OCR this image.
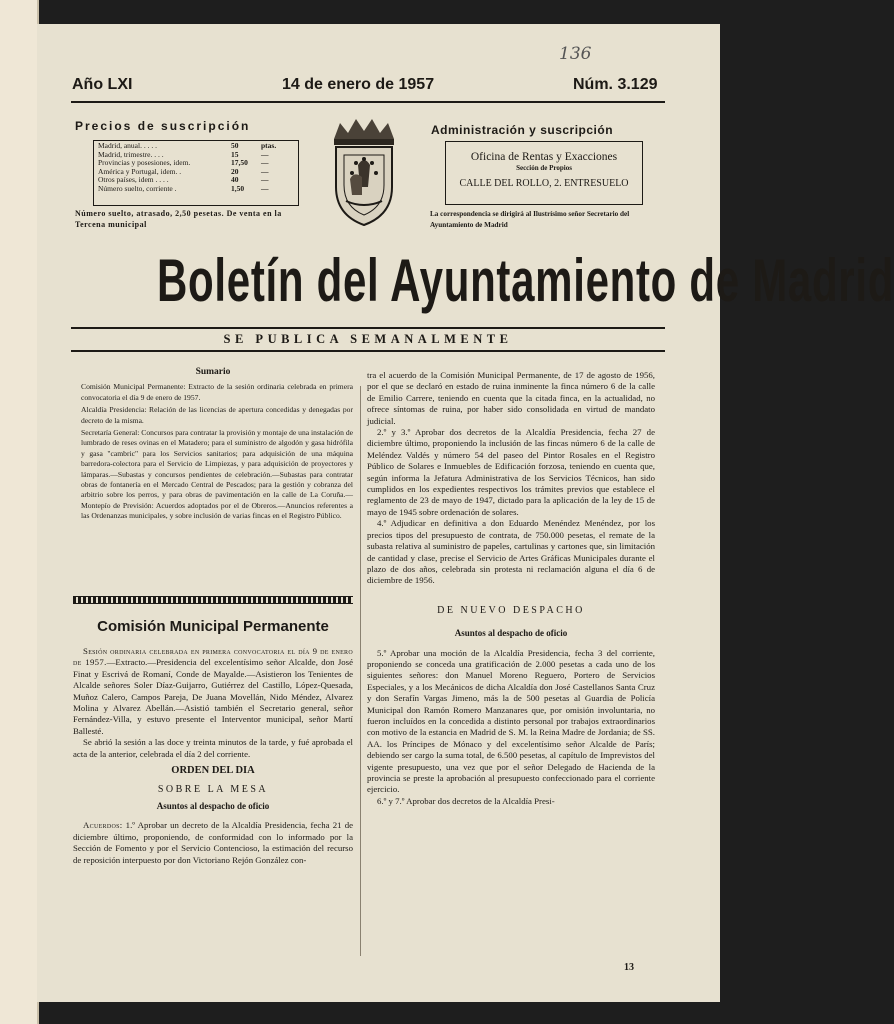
136
Año LXI	14 de enero de 1957	Núm. 3.129
Precios de suscripción
Madrid, anual. . . . .	50	ptas.
Madrid, trimestre. . . .	15	—
Provincias y posesiones, idem.	17,50 —
América y Portugal, idem. .	20	—
Otros países, idem . . . .	40	—
Número suelto, corriente .	1,50 —
Número suelto, atrasado, 2,50 pesetas. De venta en la Tercena municipal
Administración y suscripción
Oficina de Rentas y Exacciones
Sección de Propios
CALLE DEL ROLLO, 2. ENTRESUELO
La correspondencia se dirigirá al Ilustrísimo señor Secretario del Ayuntamiento de Madrid
Boletín del Ayuntamiento de Madrid
SE PUBLICA SEMANALMENTE
Sumario

Comisión Municipal Permanente: Extracto de la sesión ordinaria celebrada en primera convocatoria el día 9 de enero de 1957.

Alcaldía Presidencia: Relación de las licencias de apertura concedidas y denegadas por decreto de la misma.

Secretaría General: Concursos para contratar la provisión y montaje de una instalación de lumbrado de reses ovinas en el Matadero; para el suministro de algodón y gasa hidrófila y gasa "cambric" para los Servicios sanitarios; para adquisición de una máquina barredora-colectora para el Servicio de Limpiezas, y para adquisición de proyectores y lámparas.—Subastas y concursos pendientes de celebración.—Subastas para contratar obras de fontanería en el Mercado Central de Pescados; para la gestión y cobranza del arbitrio sobre los perros, y para obras de pavimentación en la calle de La Coruña.—Montepío de Previsión: Acuerdos adoptados por el de Obreros.—Anuncios referentes a las Ordenanzas municipales, y sobre inclusión de varias fincas en el Registro Público.

Comisión Municipal Permanente

Sesión ordinaria celebrada en primera convocatoria el día 9 de enero de 1957.—Extracto.—Presidencia del excelentísimo señor Alcalde, don José Finat y Escrivá de Romaní, Conde de Mayalde.—Asistieron los Tenientes de Alcalde señores Soler Díaz-Guijarro, Gutiérrez del Castillo, López-Quesada, Muñoz Calero, Campos Pareja, De Juana Movellán, Nido Méndez, Alvarez Molina y Alvarez Abellán.—Asistió también el Secretario general, señor Fernández-Villa, y estuvo presente el Interventor municipal, señor Martí Ballesté.

Se abrió la sesión a las doce y treinta minutos de la tarde, y fué aprobada el acta de la anterior, celebrada el día 2 del corriente.

ORDEN DEL DIA
SOBRE LA MESA
Asuntos al despacho de oficio

Acuerdos: 1.º Aprobar un decreto de la Alcaldía Presidencia, fecha 21 de diciembre último, proponiendo, de conformidad con lo informado por la Sección de Fomento y por el Servicio Contencioso, la estimación del recurso de reposición interpuesto por don Victoriano Rejón González con-

tra el acuerdo de la Comisión Municipal Permanente, de 17 de agosto de 1956, por el que se declaró en estado de ruina inminente la finca número 6 de la calle de Emilio Carrere, teniendo en cuenta que la citada finca, en la actualidad, no ofrece síntomas de ruina, por haber sido consolidada en virtud de mandato judicial.

2.º y 3.º Aprobar dos decretos de la Alcaldía Presidencia, fecha 27 de diciembre último, proponiendo la inclusión de las fincas número 6 de la calle de Meléndez Valdés y número 54 del paseo del Pintor Rosales en el Registro Público de Solares e Inmuebles de Edificación forzosa, teniendo en cuenta que, según informa la Jefatura Administrativa de los Servicios Técnicos, han sido cumplidos en los expedientes respectivos los trámites previos que establece el reglamento de 23 de mayo de 1947, dictado para la aplicación de la ley de 15 de mayo de 1945 sobre ordenación de solares.

4.º Adjudicar en definitiva a don Eduardo Menéndez Menéndez, por los precios tipos del presupuesto de contrata, de 750.000 pesetas, el remate de la subasta relativa al suministro de papeles, cartulinas y cartones que, sin limitación de cantidad y clase, precise el Servicio de Artes Gráficas Municipales durante el plazo de dos años, celebrada sin protesta ni reclamación alguna el día 6 de diciembre de 1956.

DE NUEVO DESPACHO
Asuntos al despacho de oficio

5.º Aprobar una moción de la Alcaldía Presidencia, fecha 3 del corriente, proponiendo se conceda una gratificación de 2.000 pesetas a cada uno de los siguientes señores: don Manuel Moreno Reguero, Portero de Servicios Especiales, y a los Mecánicos de dicha Alcaldía don José Castellanos Santa Cruz y don Serafín Vargas Jimeno, más la de 500 pesetas al Guardia de Policía Municipal don Ramón Romero Manzanares que, por omisión involuntaria, no fueron incluídos en la concedida a distinto personal por trabajos extraordinarios con motivo de la estancia en Madrid de S. M. la Reina Madre de Jordania; de SS. AA. los Príncipes de Mónaco y del excelentísimo señor Alcalde de París; debiendo ser cargo la suma total, de 6.500 pesetas, al capítulo de Imprevistos del vigente presupuesto, una vez que por el señor Delegado de Hacienda de la provincia se preste la aprobación al presupuesto confeccionado para el corriente ejercicio.

6.º y 7.º Aprobar dos decretos de la Alcaldía Presi-

13
